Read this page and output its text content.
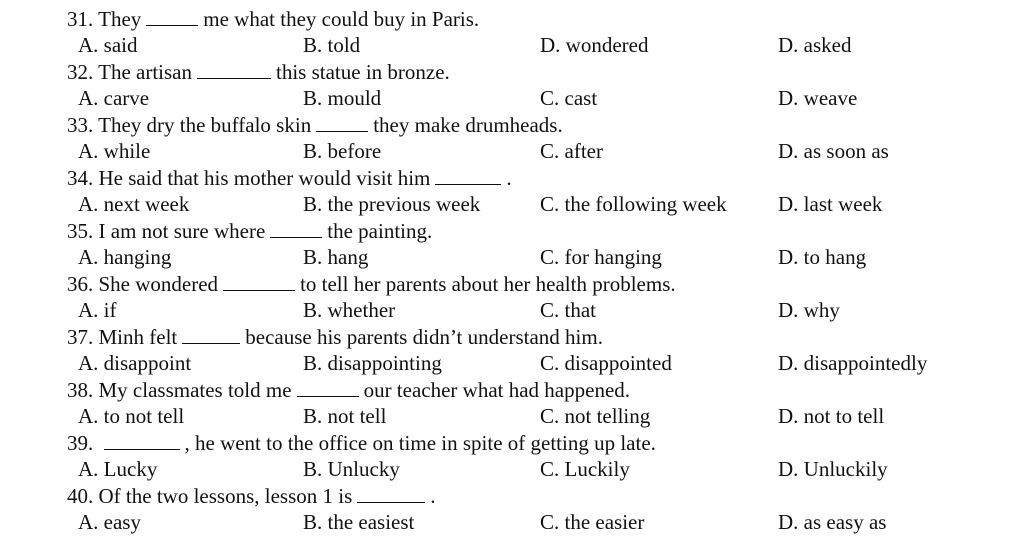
31. They	me what they could buy in Paris.
A. said	B. told	D. wondered	D. asked
32. The artisan	this statue in bronze.
A. carve	B. mould	C. cast	D. weave
33. They dry the buffalo skin	they make drumheads.
A. while	B. before	C. after	D. as soon as
34. He said that his mother would visit him	.
A. next week	B. the previous week	C. the following week D. last week
35. I am not sure where	the painting.
A. hanging	B. hang	C. for hanging	D. to hang
36. She wondered	to tell her parents about her health problems.
A. if	B. whether	C. that	D. why
37. Minh felt	because his parents didn’t understand him.
A. disappoint	B. disappointing	C. disappointed	D. disappointedly
38. My classmates told me	our teacher what had happened.
A. to not tell	B. not tell	C. not telling	D. not to tell
39.	, he went to the office on time in spite of getting up late.
A. Lucky	B. Unlucky	C. Luckily	D. Unluckily
40. Of the two lessons, lesson 1 is	.
A. easy	B. the easiest	C. the easier	D. as easy as
